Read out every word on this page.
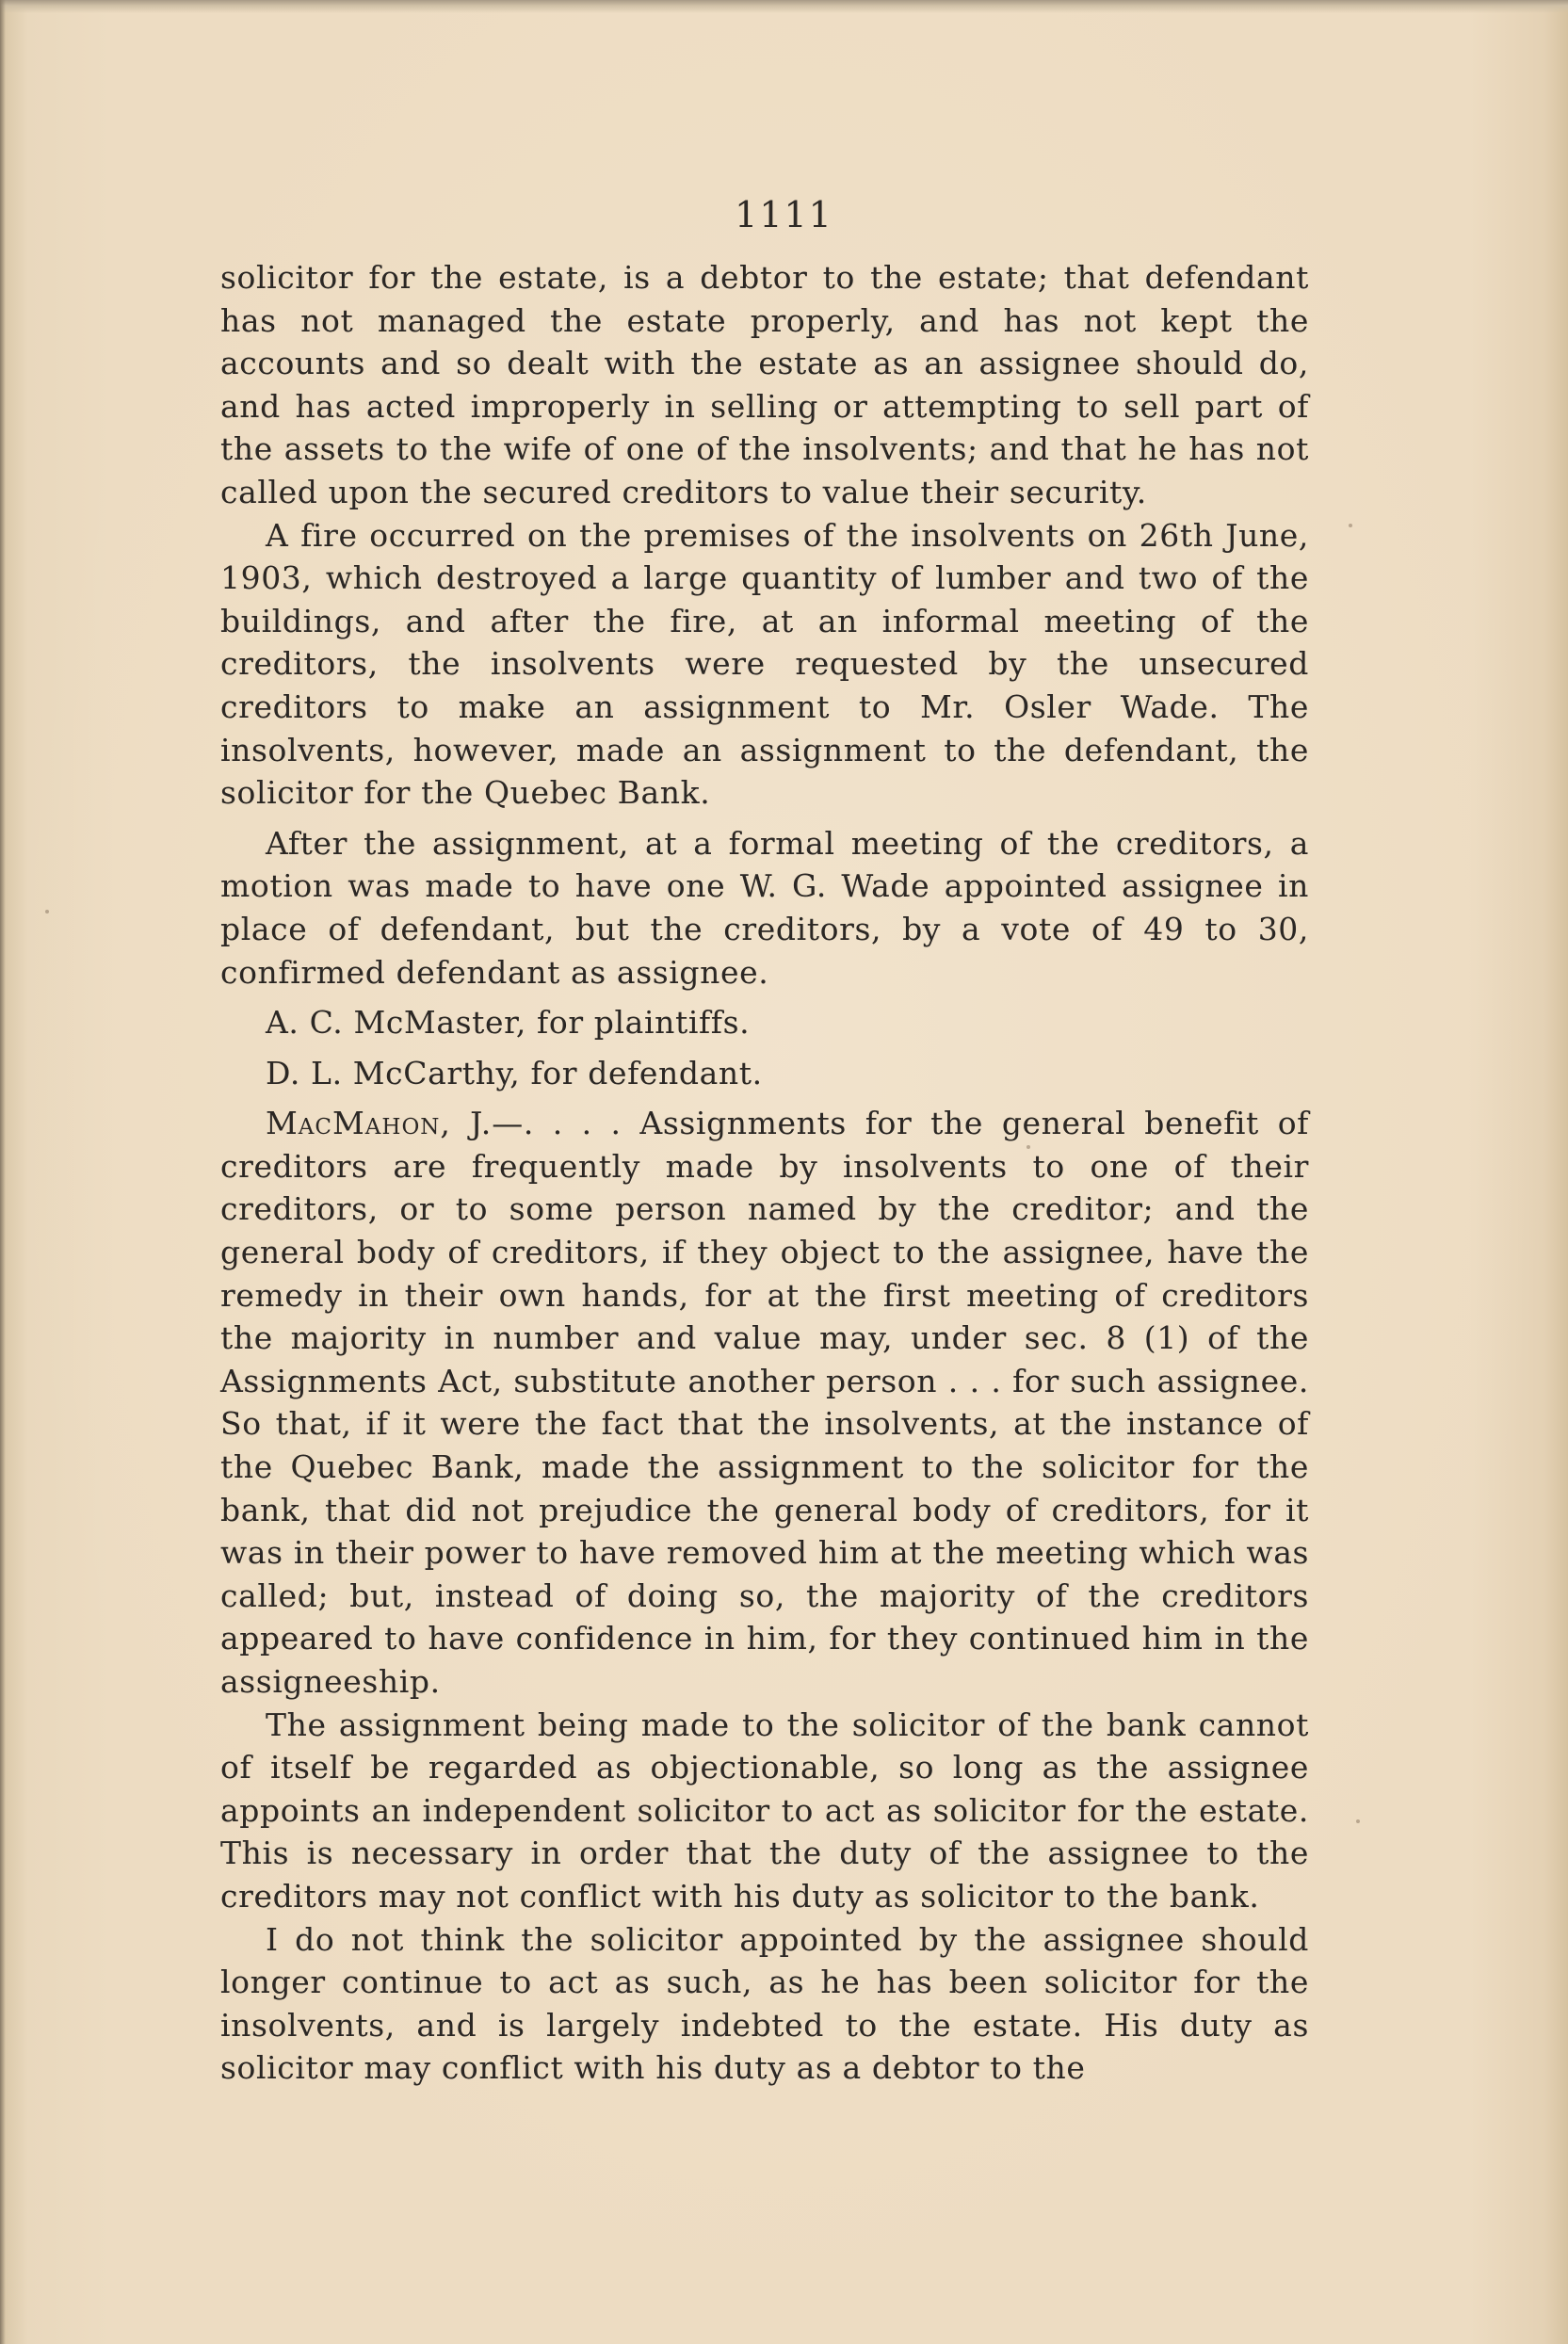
1111

solicitor for the estate, is a debtor to the estate; that defendant has not managed the estate properly, and has not kept the accounts and so dealt with the estate as an assignee should do, and has acted improperly in selling or attempting to sell part of the assets to the wife of one of the insolvents; and that he has not called upon the secured creditors to value their security.

A fire occurred on the premises of the insolvents on 26th June, 1903, which destroyed a large quantity of lumber and two of the buildings, and after the fire, at an informal meeting of the creditors, the insolvents were requested by the unsecured creditors to make an assignment to Mr. Osler Wade. The insolvents, however, made an assignment to the defendant, the solicitor for the Quebec Bank.

After the assignment, at a formal meeting of the creditors, a motion was made to have one W. G. Wade appointed assignee in place of defendant, but the creditors, by a vote of 49 to 30, confirmed defendant as assignee.

A. C. McMaster, for plaintiffs.

D. L. McCarthy, for defendant.

MacMahon, J.—. . . . Assignments for the general benefit of creditors are frequently made by insolvents to one of their creditors, or to some person named by the creditor; and the general body of creditors, if they object to the assignee, have the remedy in their own hands, for at the first meeting of creditors the majority in number and value may, under sec. 8 (1) of the Assignments Act, substitute another person . . . for such assignee. So that, if it were the fact that the insolvents, at the instance of the Quebec Bank, made the assignment to the solicitor for the bank, that did not prejudice the general body of creditors, for it was in their power to have removed him at the meeting which was called; but, instead of doing so, the majority of the creditors appeared to have confidence in him, for they continued him in the assigneeship.

The assignment being made to the solicitor of the bank cannot of itself be regarded as objectionable, so long as the assignee appoints an independent solicitor to act as solicitor for the estate. This is necessary in order that the duty of the assignee to the creditors may not conflict with his duty as solicitor to the bank.

I do not think the solicitor appointed by the assignee should longer continue to act as such, as he has been solicitor for the insolvents, and is largely indebted to the estate. His duty as solicitor may conflict with his duty as a debtor to the
